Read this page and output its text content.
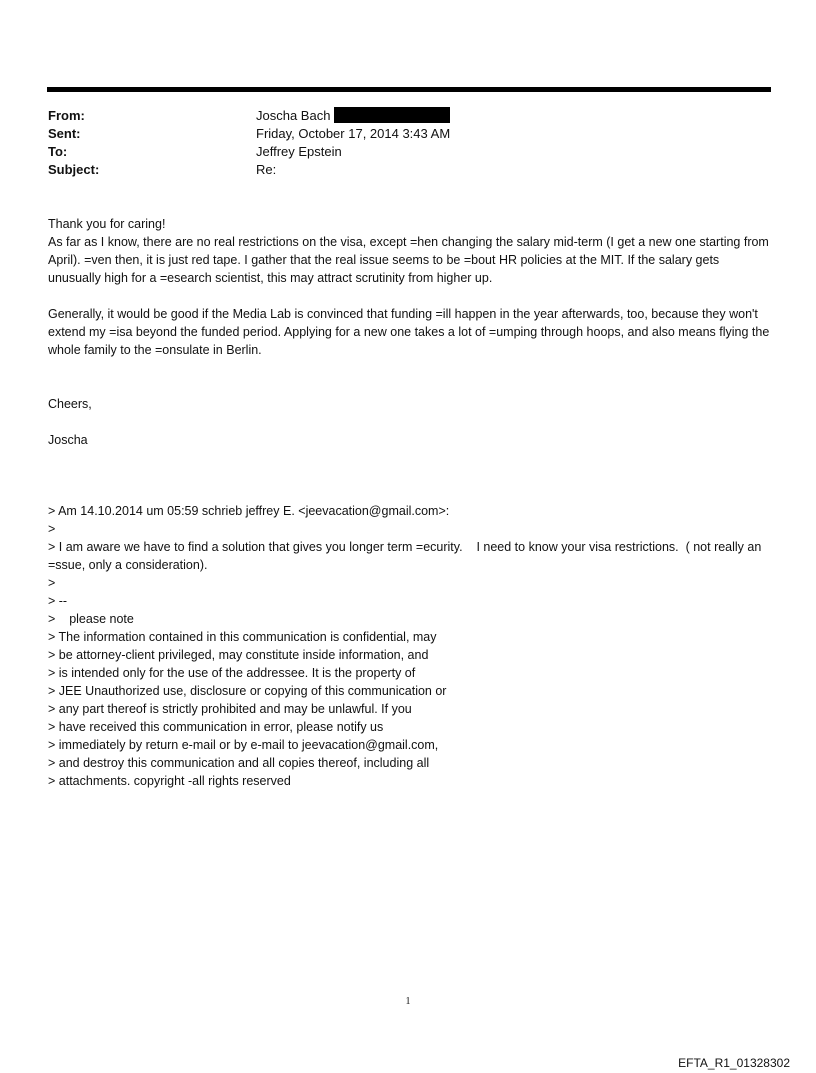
From:	Joscha Bach
Sent:	Friday, October 17, 2014 3:43 AM
To:	Jeffrey Epstein
Subject:	Re:

Thank you for caring!

As far as I know, there are no real restrictions on the visa, except =hen changing the salary mid-term (I get a new one starting from April). =ven then, it is just red tape. I gather that the real issue seems to be =bout HR policies at the MIT. If the salary gets unusually high for a =esearch scientist, this may attract scrutinity from higher up.

Generally, it would be good if the Media Lab is convinced that funding =ill happen in the year afterwards, too, because they won't extend my =isa beyond the funded period. Applying for a new one takes a lot of =umping through hoops, and also means flying the whole family to the =onsulate in Berlin.

Cheers,

Joscha

> Am 14.10.2014 um 05:59 schrieb jeffrey E. <jeevacation@gmail.com>:

>

> I am aware we have to find a solution that gives you longer term =ecurity.    I need to know your visa restrictions.  ( not really an =ssue, only a consideration).

>

> --

>    please note

> The information contained in this communication is confidential, may

> be attorney-client privileged, may constitute inside information, and

> is intended only for the use of the addressee. It is the property of

> JEE Unauthorized use, disclosure or copying of this communication or

> any part thereof is strictly prohibited and may be unlawful. If you

> have received this communication in error, please notify us

> immediately by return e-mail or by e-mail to jeevacation@gmail.com,

> and destroy this communication and all copies thereof, including all

> attachments. copyright -all rights reserved

1
EFTA_R1_01328302
